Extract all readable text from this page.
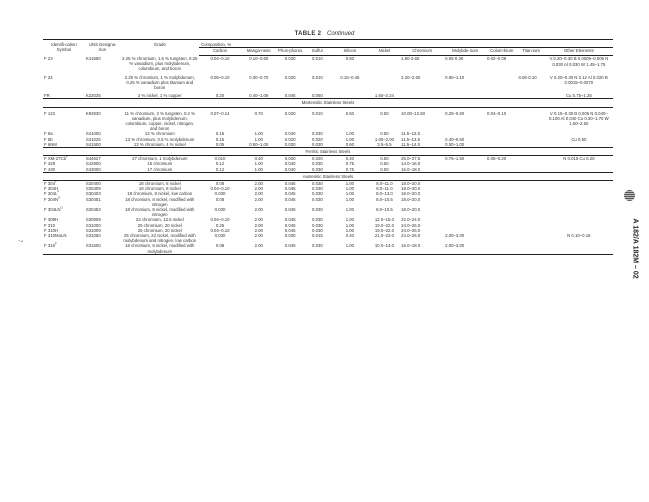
TABLE 2 Continued
7	A 182/A 182M – 02
Identifi-cation Symbol	UNS Designa-tion	Grade	Composition, %										
			Carbon	Manga-nese	Phos-phorus	Sulfur	Silicon	Nickel	Chromium	Molybde-num	Colum-bium	Titan-ium	Other Elements
F 23	K41650	2.25 % chromium, 1.6 % tungsten, 0.25 % vanadium, plus molybdenum, columbium, and boron	0.04–0.10	0.10–0.60	0.030	0.010	0.50		1.90-2.60	0.05-0.30	0.02–0.08		V 0.20–0.30 B 0.0005–0.006 N 0.030 Al 0.030 W 1.45–1.75
F 24		2.25 % chromium, 1 % molybdenum, 0.25 % vanadium plus titanium and boron	0.05–0.10	0.30–0.70	0.020	0.010	0.15–0.45		2.20–2.60	0.90–1.10		0.06-0.10	V 0.20–0.30 N 0.12 Al 0.020 B 0.0015–0.0070
FR	K22035	2 % nickel, 1 % copper	0.20	0.40–1.06	0.045	0.050		1.60–2.24					Cu 0.75–1.25
Martensitic Stainless Steels													
F 122	K92930	11 % chromium, 2 % tungsten, 0.2 % vanadium, plus molybdenum, columbium, copper, nickel, nitrogen, and boron	0.07–0.14	0.70	0.020	0.010	0.50	0.50	10.00–12.50	0.25–0.60	0.04–0.10		V 0.15–0.30 B 0.005 N 0.040–0.100 Al 0.040 Cu 0.30–1.70 W 1.50–2.50
F 6a	S41000	13 % chromium	0.15	1.00	0.040	0.030	1.00	0.50	11.5–13.5				
F 6b	S41026	13 % chromium, 0.5 % molybdenum	0.15	1.00	0.020	0.020	1.00	1.00–2.00	11.5–13.5	0.40–0.60			Cu 0.50
F 6NM	S41500	13 % chromium, 4 % nickel	0.05	0.50–1.00	0.030	0.030	0.60	3.5–5.5	11.5–14.0	0.50–1.00			
Ferritic Stainless Steels													
F $XM-27Cb^F$	S44627	27 chromium, 1 molybdenum	0.010	0.40	0.020	0.020	0.40	0.50	25.0–27.5	0.75–1.50	0.05–0.20		N 0.015 Cu 0.20
F 429	S42900	15 chromium	0.12	1.00	0.040	0.030	0.75	0.50	14.0–16.0				
F 430	S43000	17 chromium	0.12	1.00	0.040	0.030	0.75	0.50	16.0–18.0				
Austenitic Stainless Steels													
F $304^F$	S30400	18 chromium, 8 nickel	0.08	2.00	0.045	0.030	1.00	8.0–11.0	18.0–20.0				
F 304H	S30409	18 chromium, 8 nickel	0.04–0.10	2.00	0.045	0.030	1.00	8.0–11.0	18.0–20.0				
F $304L^F$	S30403	18 chromium, 8 nickel, low carbon	0.030	2.00	0.045	0.030	1.00	8.0–13.0	18.0–20.0				
F $304N^G$	S30451	18 chromium, 8 nickel, modified with nitrogen	0.08	2.00	0.045	0.030	1.00	8.0–10.5	18.0–20.0				
F $304LN^G$	S30453	18 chromium, 8 nickel, modified with nitrogen	0.030	2.00	0.045	0.030	1.00	8.0–10.5	18.0–20.0				
F 309H	S30909	23 chromium, 13.5 nickel	0.04–0.10	2.00	0.045	0.030	1.00	12.0–15.0	22.0–24.0				
F 310	S31000	25 chromium, 20 nickel	0.25	2.00	0.045	0.030	1.00	19.0–22.0	24.0–26.0				
F 310H	S31009	25 chromium, 20 nickel	0.04–0.10	2.00	0.045	0.030	1.00	19.0–22.0	24.0–26.0				
F 310MoLN	S31050	25 chromium, 22 nickel, modified with molybdenum and nitrogen, low carbon	0.030	2.00	0.030	0.015	0.40	21.0–23.0	24.0–26.0	2.00–3.00			N 0.10–0.16
F $316^F$	S31600	18 chromium, 8 nickel, modified with molybdenum	0.08	2.00	0.045	0.030	1.00	10.0–14.0	16.0–18.0	2.00–3.00			
